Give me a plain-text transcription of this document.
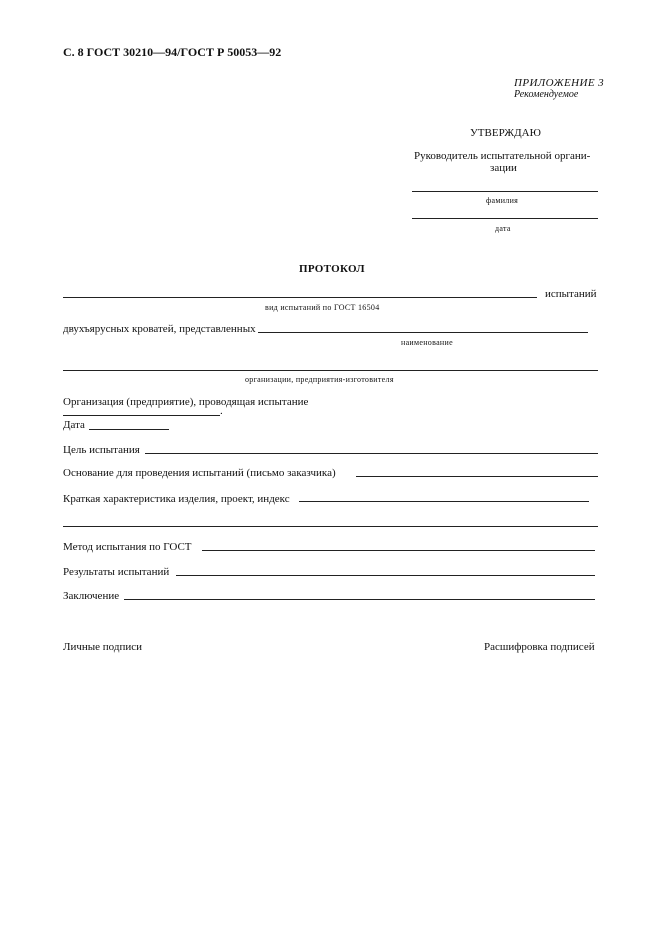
С. 8 ГОСТ 30210—94/ГОСТ Р 50053—92
ПРИЛОЖЕНИЕ 3
Рекомендуемое
УТВЕРЖДАЮ
Руководитель испытательной органи-
зации
фамилия
дата
ПРОТОКОЛ
испытаний
вид испытаний по ГОСТ 16504
двухъярусных кроватей, представленных
наименование
организации, предприятия-изготовителя
Организация (предприятие), проводящая испытание
.
Дата
Цель испытания
Основание для проведения испытаний (письмо заказчика)
Краткая характеристика изделия, проект, индекс
Метод испытания по ГОСТ
Результаты испытаний
Заключение
Личные подписи	Расшифровка подписей
